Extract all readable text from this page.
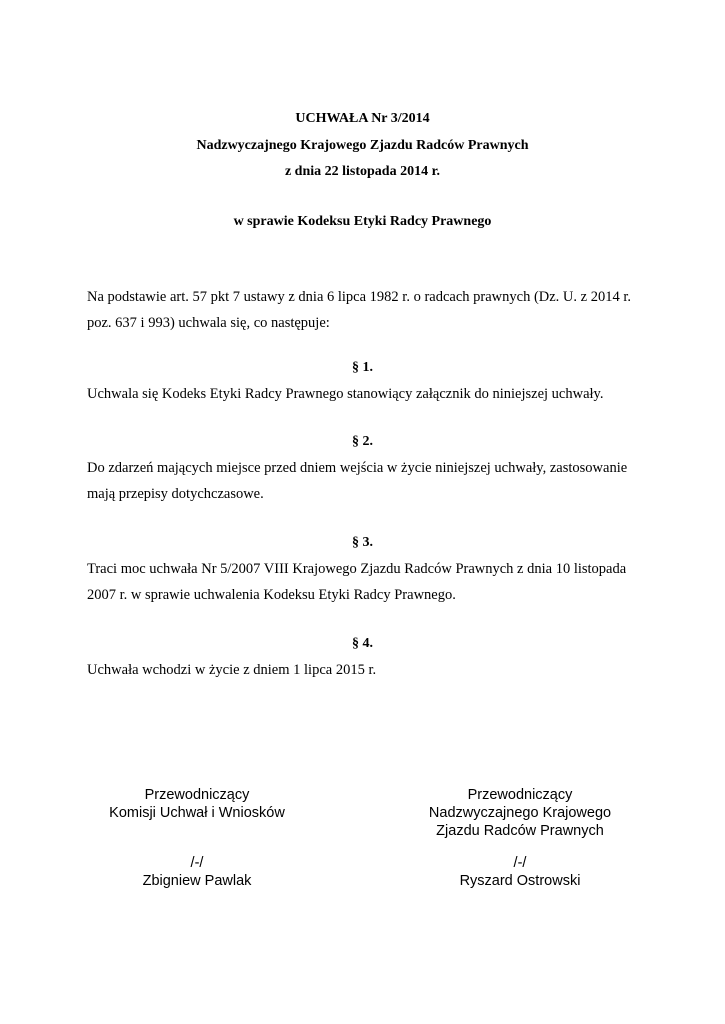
UCHWAŁA Nr 3/2014
Nadzwyczajnego Krajowego Zjazdu Radców Prawnych
z dnia 22 listopada 2014 r.
w sprawie Kodeksu Etyki Radcy Prawnego
Na podstawie art. 57 pkt 7 ustawy z dnia 6 lipca 1982 r. o radcach prawnych (Dz. U. z 2014 r.
poz. 637 i 993) uchwala się, co następuje:
§ 1.
Uchwala się Kodeks Etyki Radcy Prawnego stanowiący załącznik do niniejszej uchwały.
§ 2.
Do zdarzeń mających miejsce przed dniem wejścia w życie niniejszej uchwały, zastosowanie
mają przepisy dotychczasowe.
§ 3.
Traci moc uchwała Nr 5/2007 VIII Krajowego Zjazdu Radców Prawnych z dnia 10 listopada
2007 r. w sprawie uchwalenia Kodeksu Etyki Radcy Prawnego.
§ 4.
Uchwała wchodzi w życie z dniem 1 lipca 2015 r.
Przewodniczący
Komisji Uchwał i Wniosków
/-/
Zbigniew Pawlak
Przewodniczący
Nadzwyczajnego Krajowego
Zjazdu Radców Prawnych
/-/
Ryszard Ostrowski
